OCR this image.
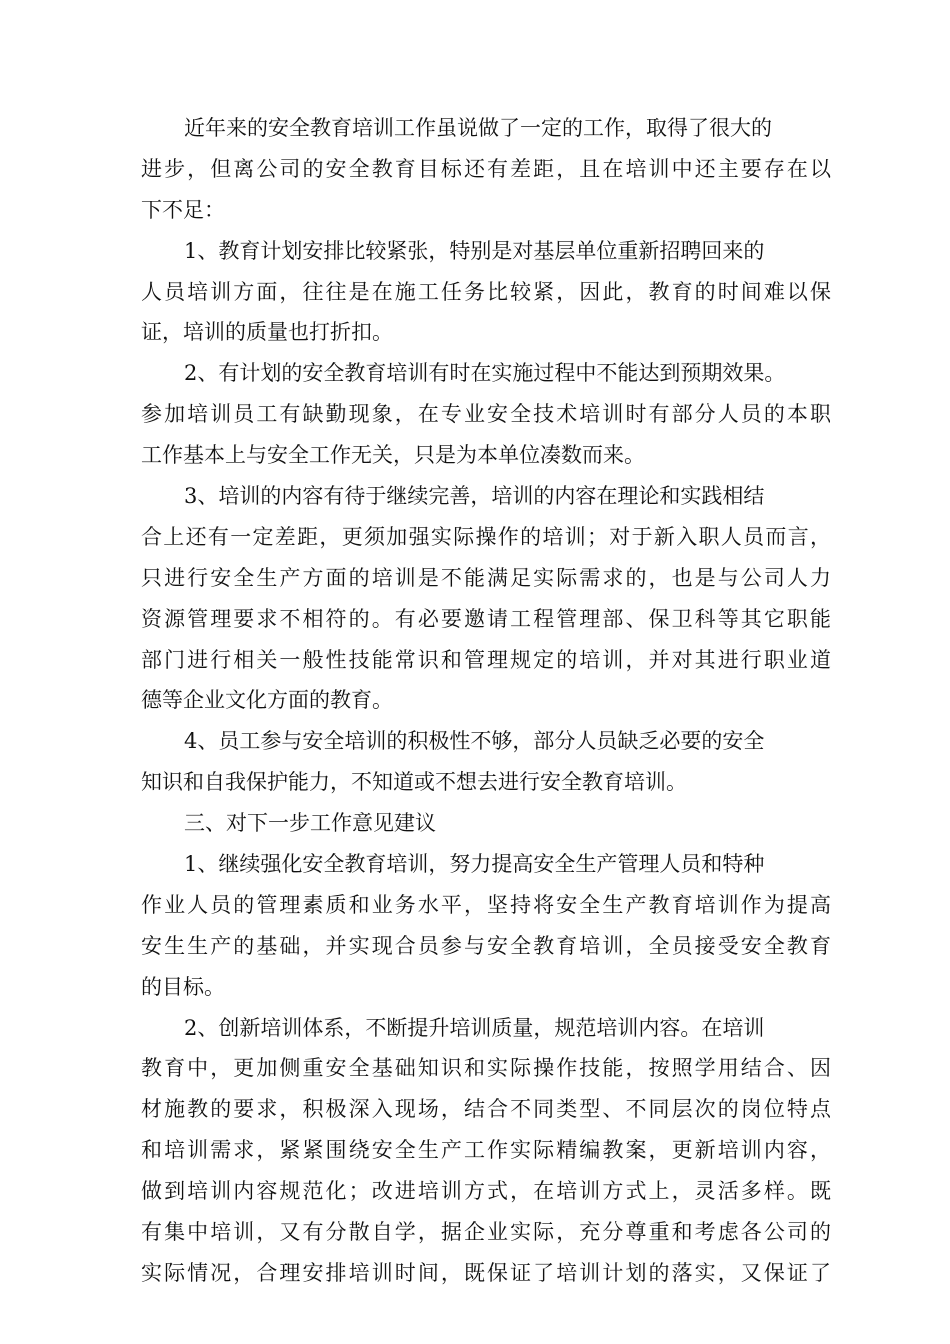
近年来的安全教育培训工作虽说做了一定的工作，取得了很大的
进步，但离公司的安全教育目标还有差距，且在培训中还主要存在以
下不足：
1、教育计划安排比较紧张，特别是对基层单位重新招聘回来的
人员培训方面，往往是在施工任务比较紧，因此，教育的时间难以保
证，培训的质量也打折扣。
2、有计划的安全教育培训有时在实施过程中不能达到预期效果。
参加培训员工有缺勤现象，在专业安全技术培训时有部分人员的本职
工作基本上与安全工作无关，只是为本单位凑数而来。
3、培训的内容有待于继续完善，培训的内容在理论和实践相结
合上还有一定差距，更须加强实际操作的培训；对于新入职人员而言，
只进行安全生产方面的培训是不能满足实际需求的，也是与公司人力
资源管理要求不相符的。有必要邀请工程管理部、保卫科等其它职能
部门进行相关一般性技能常识和管理规定的培训，并对其进行职业道
德等企业文化方面的教育。
4、员工参与安全培训的积极性不够，部分人员缺乏必要的安全
知识和自我保护能力，不知道或不想去进行安全教育培训。
三、对下一步工作意见建议
1、继续强化安全教育培训，努力提高安全生产管理人员和特种
作业人员的管理素质和业务水平，坚持将安全生产教育培训作为提高
安生生产的基础，并实现合员参与安全教育培训，全员接受安全教育
的目标。
2、创新培训体系，不断提升培训质量，规范培训内容。在培训
教育中，更加侧重安全基础知识和实际操作技能，按照学用结合、因
材施教的要求，积极深入现场，结合不同类型、不同层次的岗位特点
和培训需求，紧紧围绕安全生产工作实际精编教案，更新培训内容，
做到培训内容规范化；改进培训方式，在培训方式上，灵活多样。既
有集中培训，又有分散自学，据企业实际，充分尊重和考虑各公司的
实际情况，合理安排培训时间，既保证了培训计划的落实，又保证了
